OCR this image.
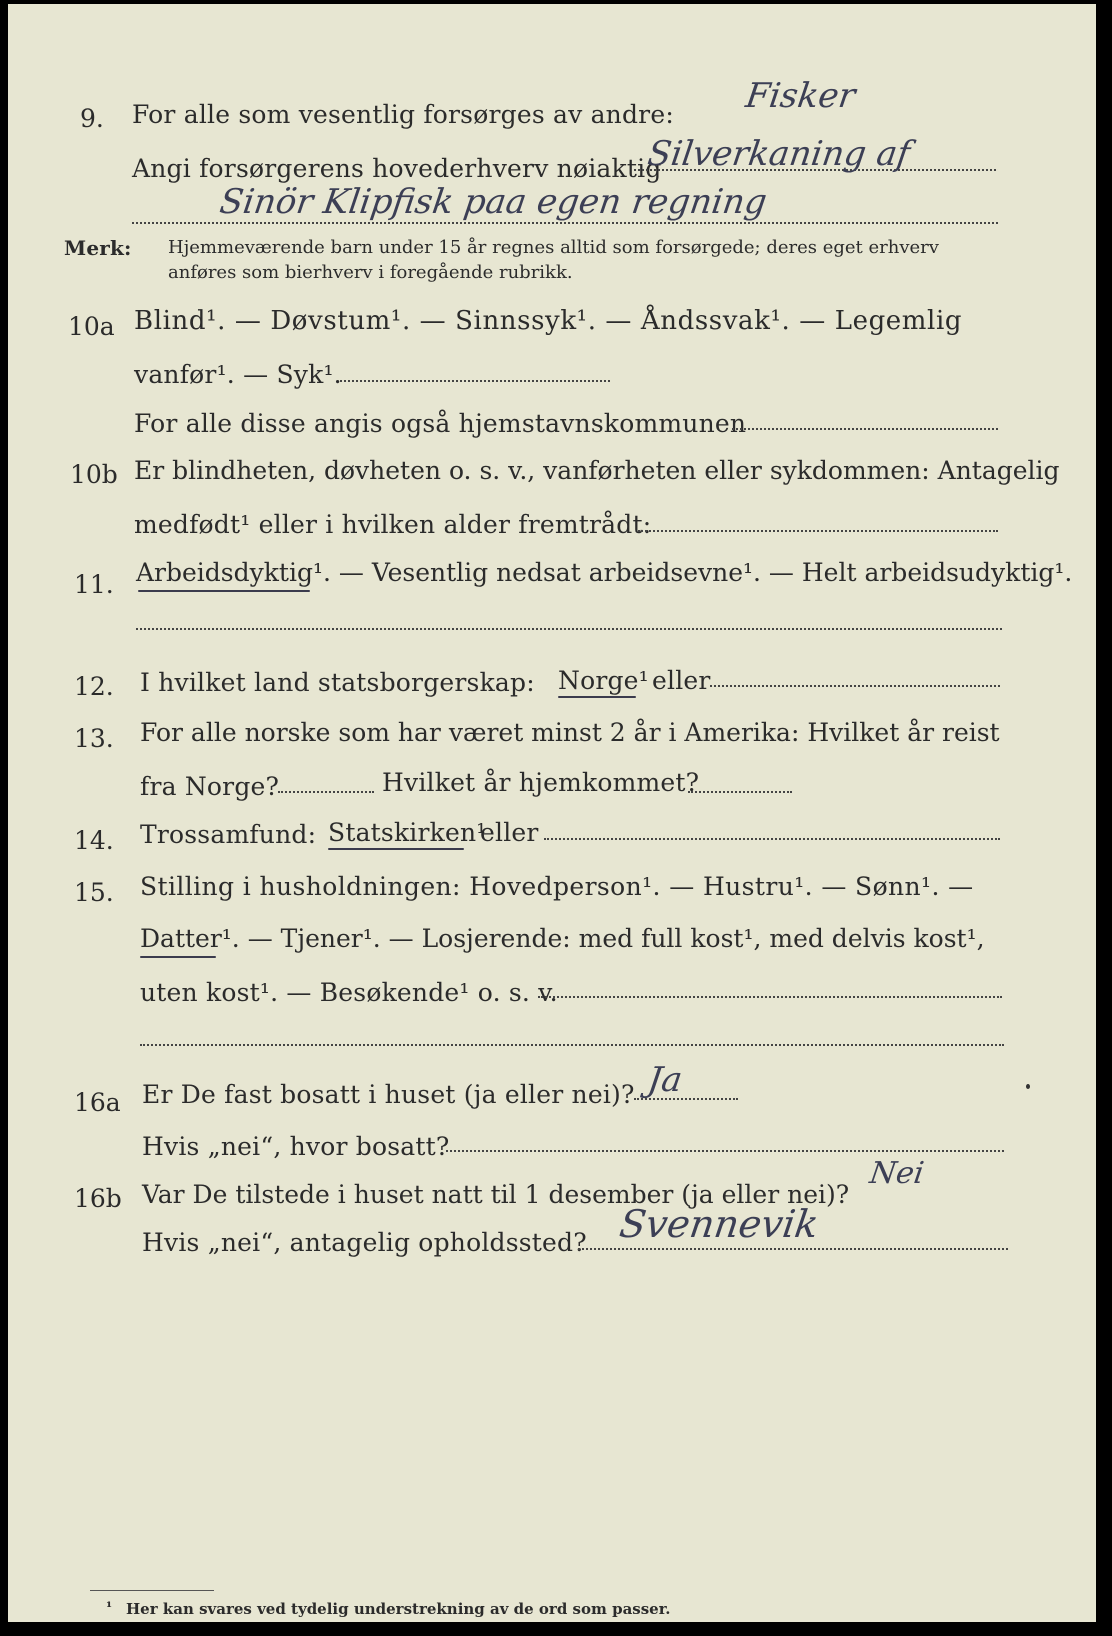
9. For alle som vesentlig forsørges av andre: Fisker
Angi forsørgerens hovederhverv nøiaktig
Silverkaning af
Sinör Klipfisk paa egen regning
Merk: Hjemmeværende barn under 15 år regnes alltid som forsørgede; deres eget erhverv
anføres som bierhverv i foregående rubrikk.
10a Blind¹. — Døvstum¹. — Sinnssyk¹. — Åndssvak¹. — Legemlig
vanfør¹. — Syk¹.
For alle disse angis også hjemstavnskommunen
10b Er blindheten, døvheten o. s. v., vanførheten eller sykdommen: Antagelig
medfødt¹ eller i hvilken alder fremtrådt:
11. Arbeidsdyktig¹. — Vesentlig nedsat arbeidsevne¹. — Helt arbeidsudyktig¹.
12. I hvilket land statsborgerskap: Norge¹ eller
13. For alle norske som har været minst 2 år i Amerika: Hvilket år reist
fra Norge?	Hvilket år hjemkommet?
14. Trossamfund: Statskirken¹
eller
15. Stilling i husholdningen: Hovedperson¹. — Hustru¹. — Sønn¹. —
Datter¹. — Tjener¹. — Losjerende: med full kost¹, med delvis kost¹,
uten kost¹. — Besøkende¹ o. s. v.
16a Er De fast bosatt i huset (ja eller nei)? Ja
Hvis „nei“, hvor bosatt?
16b Var De tilstede i huset natt til 1 desember (ja eller nei)?
Nei
Hvis „nei“, antagelig opholdssted? Svennevik
¹ Her kan svares ved tydelig understrekning av de ord som passer.
